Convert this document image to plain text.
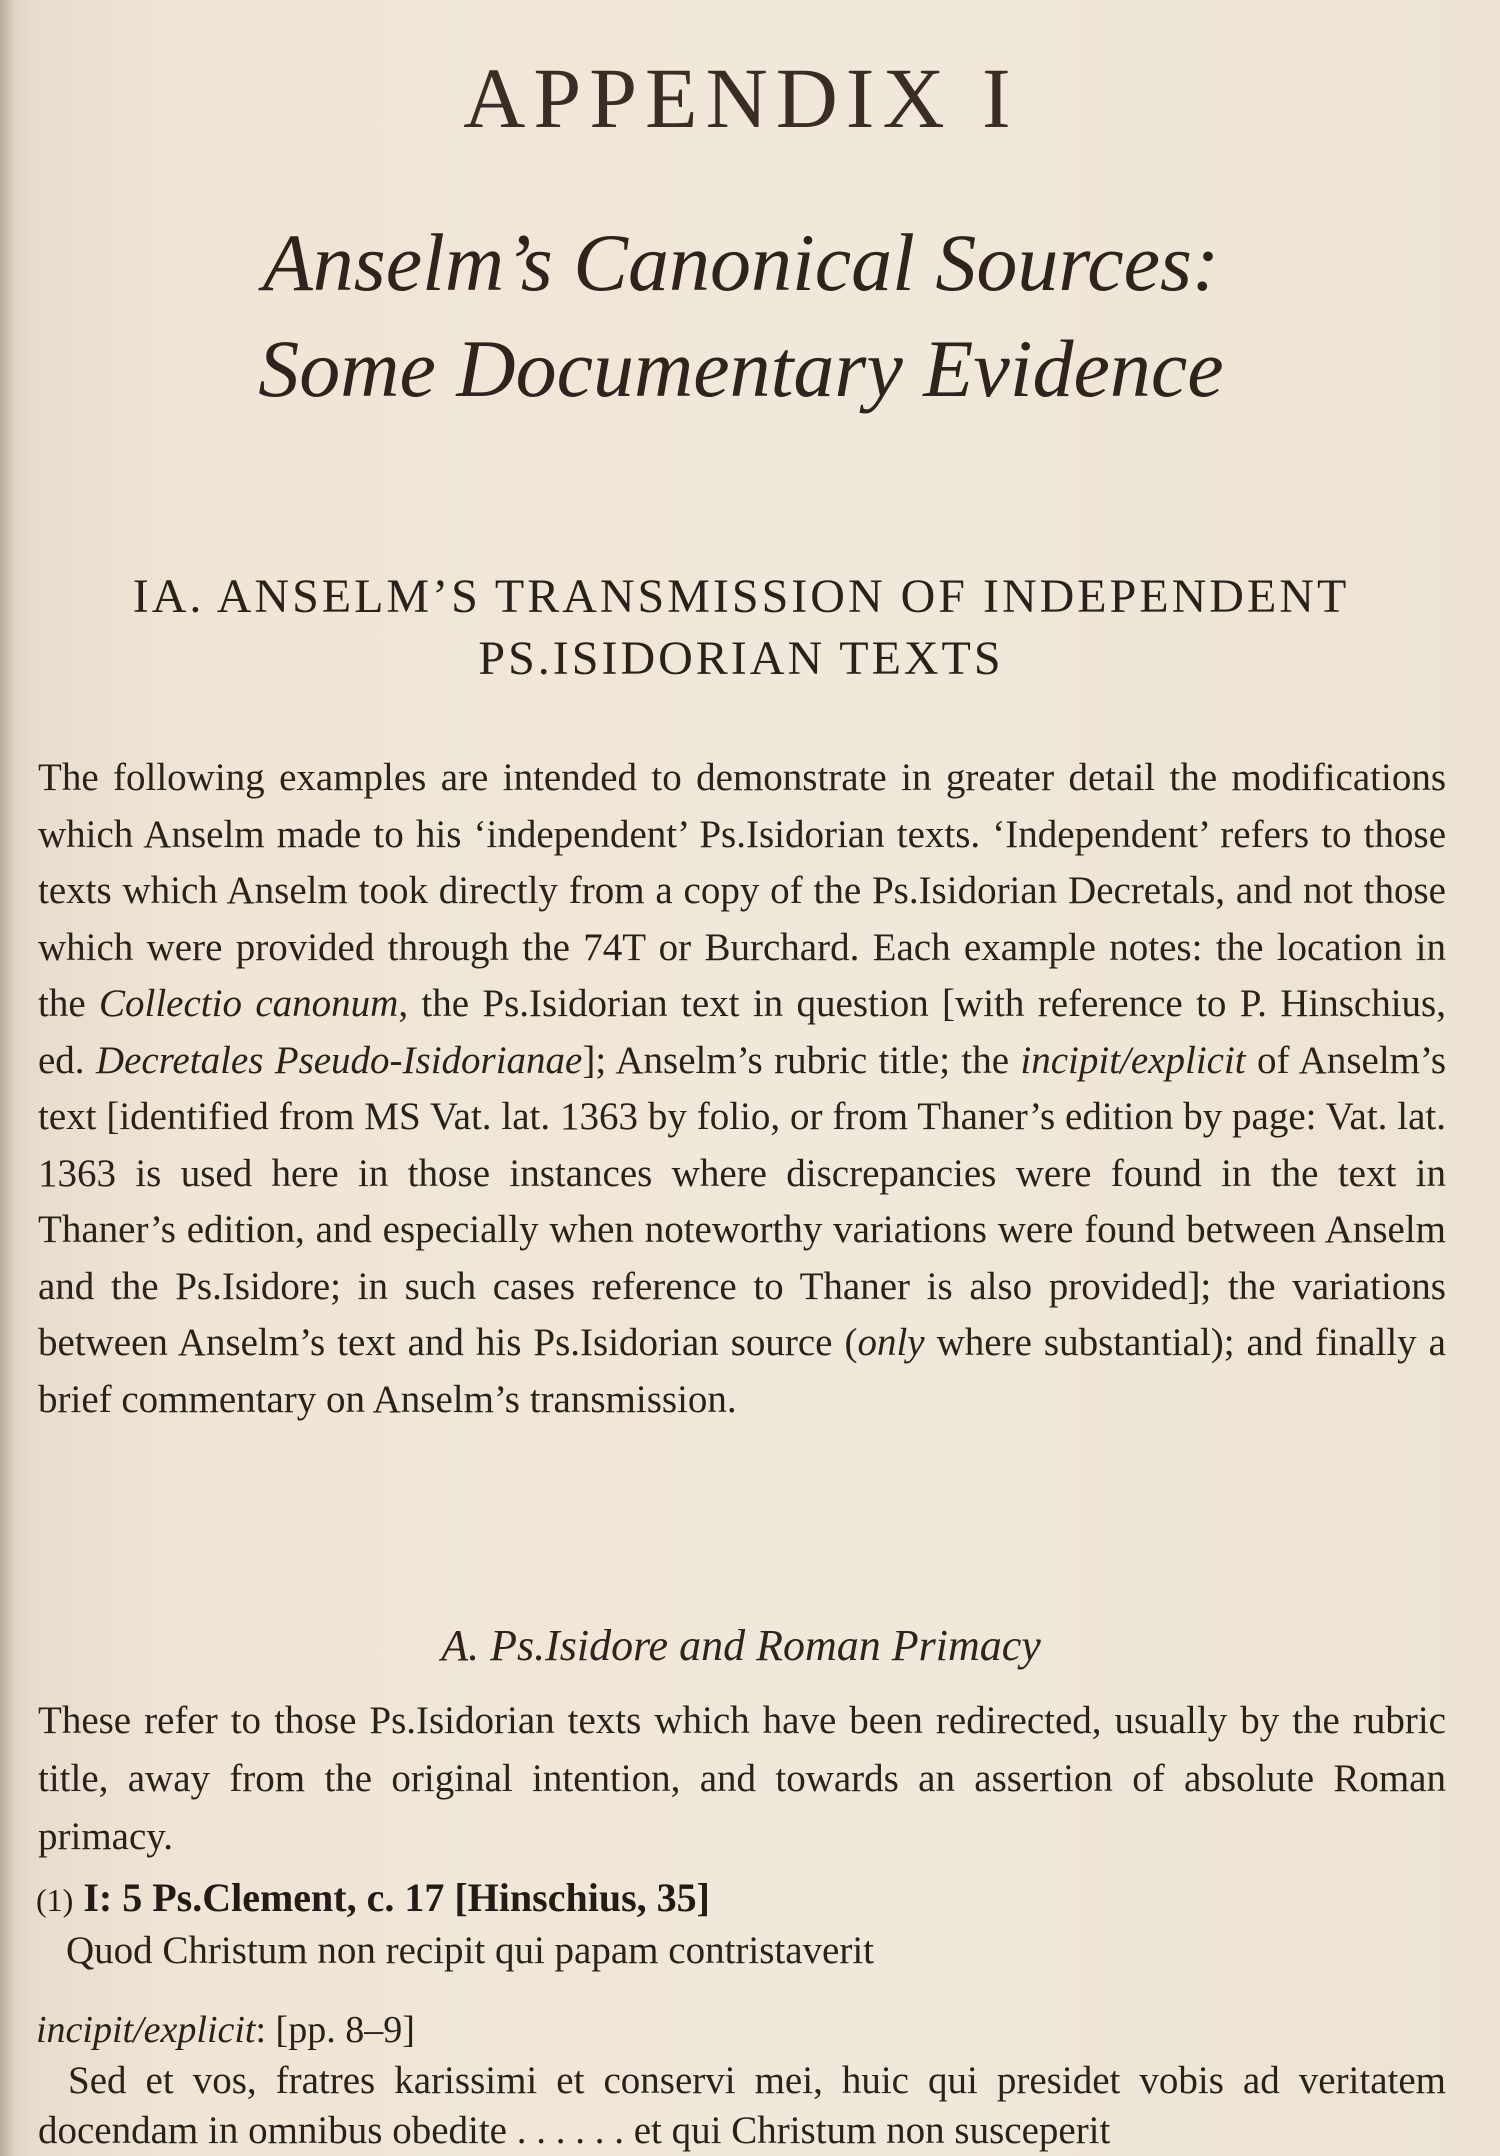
APPENDIX I
Anselm’s Canonical Sources:
Some Documentary Evidence
IA. ANSELM’S TRANSMISSION OF INDEPENDENT
PS.ISIDORIAN TEXTS
The following examples are intended to demonstrate in greater detail the modifications which Anselm made to his ‘independent’ Ps.Isidorian texts. ‘Independent’ refers to those texts which Anselm took directly from a copy of the Ps.Isidorian Decretals, and not those which were provided through the 74T or Burchard. Each example notes: the location in the Collectio canonum, the Ps.Isidorian text in question [with reference to P. Hinschius, ed. Decretales Pseudo-Isidorianae]; Anselm’s rubric title; the incipit/explicit of Anselm’s text [identified from MS Vat. lat. 1363 by folio, or from Thaner’s edition by page: Vat. lat. 1363 is used here in those instances where discrepancies were found in the text in Thaner’s edition, and especially when noteworthy variations were found between Anselm and the Ps.Isidore; in such cases reference to Thaner is also provided]; the variations between Anselm’s text and his Ps.Isidorian source (only where substantial); and finally a brief commentary on Anselm’s transmission.
A. Ps.Isidore and Roman Primacy
These refer to those Ps.Isidorian texts which have been redirected, usually by the rubric title, away from the original intention, and towards an assertion of absolute Roman primacy.
(1) I: 5 Ps.Clement, c. 17 [Hinschius, 35]
Quod Christum non recipit qui papam contristaverit
incipit/explicit: [pp. 8–9]
Sed et vos, fratres karissimi et conservi mei, huic qui presidet vobis ad veritatem docendam in omnibus obedite . . . . . . et qui Christum non susceperit
